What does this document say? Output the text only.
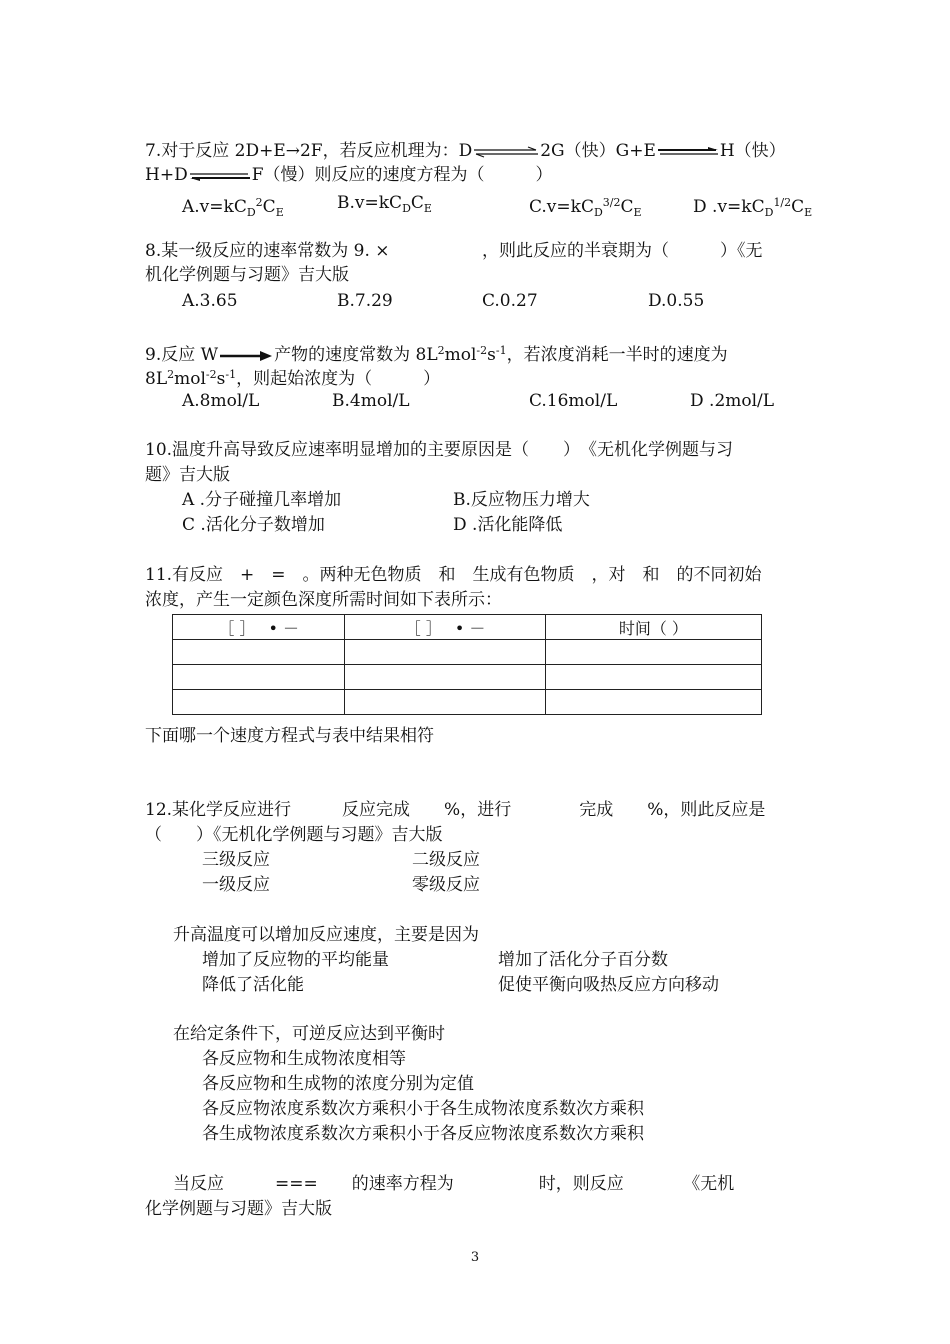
7.对于反应 2D+E→2F，若反应机理为：D⇌2G（快）G+E	H（快）
H+D	F（慢）则反应的速度方程为（　　　）
$A.v=kC_D^2C_E$	$B.v=kC_DC_E$	$C.v=kC_D^{3/2}C_E$	D $.v=kC_D^{1/2}C_E$
8.某一级反应的速率常数为 9. ×	，则此反应的半衰期为（　　　）《无
机化学例题与习题》吉大版
A.3.65	B.7.29	C.0.27	D.0.55
9.反应 W→产物的速度常数为 $8L^2mol^{-2}s^{-1}$，若浓度消耗一半时的速度为
$8L^2mol^{-2}s^{-1}$，则起始浓度为（　　　）
A.8mol/L	B.4mol/L	C.16mol/L	D .2mol/L
10.温度升高导致反应速率明显增加的主要原因是（　　）　《无机化学例题与习
题》吉大版
A .分子碰撞几率增加	B.反应物压力增大
C .活化分子数增加	D .活化能降低
11.有反应　+　=　。两种无色物质　和　生成有色物质　，对　和　的不同初始
浓度，产生一定颜色深度所需时间如下表所示：
［ ］　 • －	［ ］　 • －	时间（ ）

下面哪一个速度方程式与表中结果相符
12.某化学反应进行　　　反应完成　　%，进行　　　　完成　　%，则此反应是
（　　）《无机化学例题与习题》吉大版
三级反应	二级反应
一级反应	零级反应
升高温度可以增加反应速度，主要是因为
增加了反应物的平均能量	增加了活化分子百分数
降低了活化能	促使平衡向吸热反应方向移动
在给定条件下，可逆反应达到平衡时
各反应物和生成物浓度相等
各反应物和生成物的浓度分别为定值
各反应物浓度系数次方乘积小于各生成物浓度系数次方乘积
各生成物浓度系数次方乘积小于各反应物浓度系数次方乘积
当反应　　　===　　的速率方程为　　　　　时，则反应　　　　《无机
化学例题与习题》吉大版
3
